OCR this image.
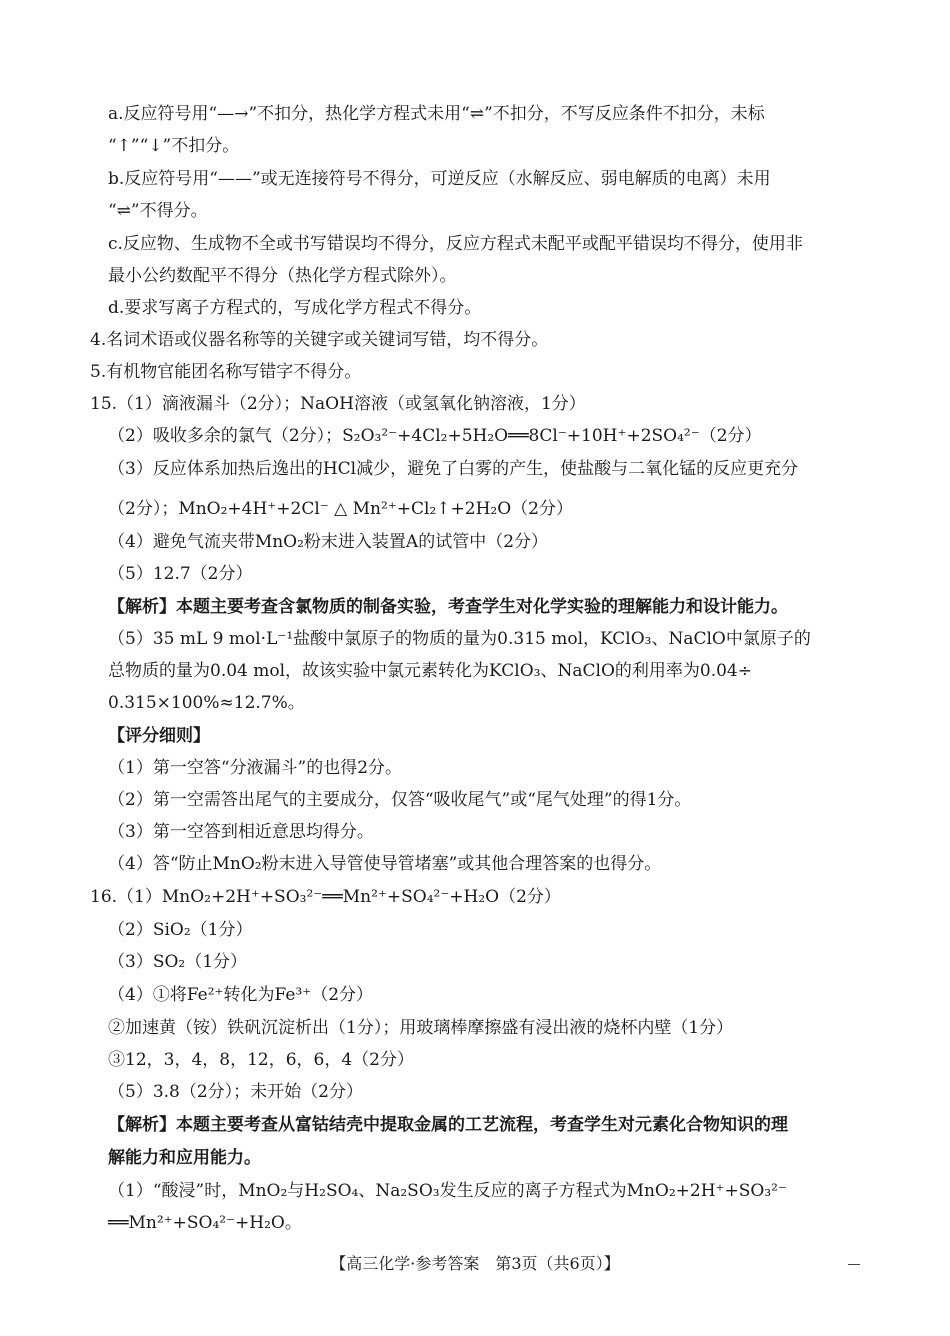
a.反应符号用“—→”不扣分，热化学方程式未用“⇌”不扣分，不写反应条件不扣分，未标
“↑”“↓”不扣分。
b.反应符号用“——”或无连接符号不得分，可逆反应（水解反应、弱电解质的电离）未用
“⇌”不得分。
c.反应物、生成物不全或书写错误均不得分，反应方程式未配平或配平错误均不得分，使用非
最小公约数配平不得分（热化学方程式除外）。
d.要求写离子方程式的，写成化学方程式不得分。
4.名词术语或仪器名称等的关键字或关键词写错，均不得分。
5.有机物官能团名称写错字不得分。
15.（1）滴液漏斗（2分）；NaOH溶液（或氢氧化钠溶液，1分）
（2）吸收多余的氯气（2分）；S₂O₃²⁻+4Cl₂+5H₂O══8Cl⁻+10H⁺+2SO₄²⁻（2分）
（3）反应体系加热后逸出的HCl减少，避免了白雾的产生，使盐酸与二氧化锰的反应更充分
（2分）；MnO₂+4H⁺+2Cl⁻ △ Mn²⁺+Cl₂↑+2H₂O（2分）
（4）避免气流夹带MnO₂粉末进入装置A的试管中（2分）
（5）12.7（2分）
【解析】本题主要考查含氯物质的制备实验，考查学生对化学实验的理解能力和设计能力。
（5）35 mL 9 mol·L⁻¹盐酸中氯原子的物质的量为0.315 mol，KClO₃、NaClO中氯原子的
总物质的量为0.04 mol，故该实验中氯元素转化为KClO₃、NaClO的利用率为0.04÷
0.315×100%≈12.7%。
【评分细则】
（1）第一空答“分液漏斗”的也得2分。
（2）第一空需答出尾气的主要成分，仅答“吸收尾气”或“尾气处理”的得1分。
（3）第一空答到相近意思均得分。
（4）答“防止MnO₂粉末进入导管使导管堵塞”或其他合理答案的也得分。
16.（1）MnO₂+2H⁺+SO₃²⁻══Mn²⁺+SO₄²⁻+H₂O（2分）
（2）SiO₂（1分）
（3）SO₂（1分）
（4）①将Fe²⁺转化为Fe³⁺（2分）
②加速黄（铵）铁矾沉淀析出（1分）；用玻璃棒摩擦盛有浸出液的烧杯内壁（1分）
③12，3，4，8，12，6，6，4（2分）
（5）3.8（2分）；未开始（2分）
【解析】本题主要考查从富钴结壳中提取金属的工艺流程，考查学生对元素化合物知识的理
解能力和应用能力。
（1）“酸浸”时，MnO₂与H₂SO₄、Na₂SO₃发生反应的离子方程式为MnO₂+2H⁺+SO₃²⁻
══Mn²⁺+SO₄²⁻+H₂O。
【高三化学·参考答案　第3页（共6页）】
